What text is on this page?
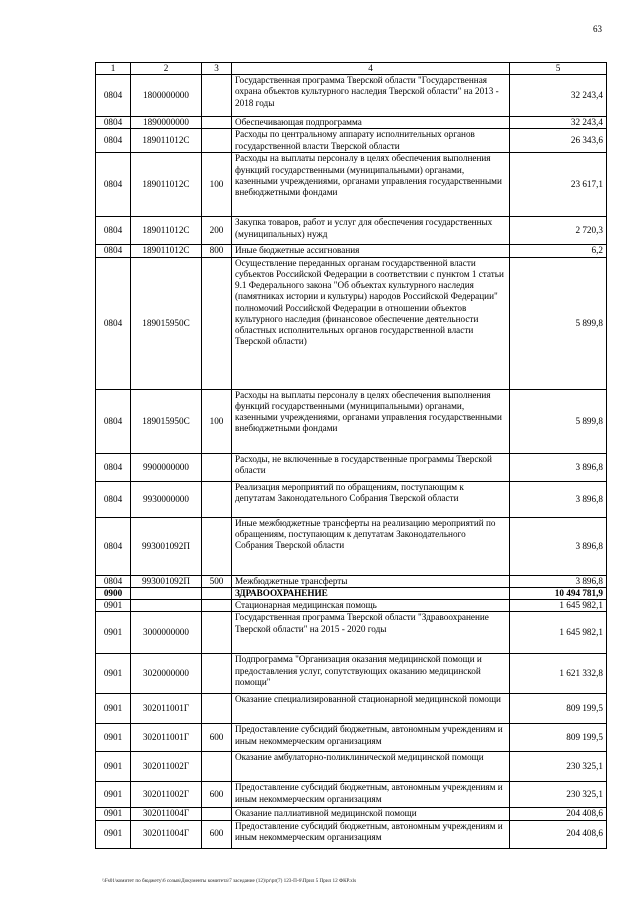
63
1	2	3	4	5
0804	1800000000		Государственная программа Тверской области "Государственная охрана объектов культурного наследия Тверской области" на 2013 - 2018 годы	32 243,4
0804	1890000000		Обеспечивающая подпрограмма	32 243,4
0804	189011012С		Расходы по центральному аппарату исполнительных органов государственной власти Тверской области	26 343,6
0804	189011012С	100	Расходы на выплаты персоналу в целях обеспечения выполнения функций государственными (муниципальными) органами, казенными учреждениями, органами управления государственными внебюджетными фондами	23 617,1
0804	189011012С	200	Закупка товаров, работ и услуг для обеспечения государственных (муниципальных) нужд	2 720,3
0804	189011012С	800	Иные бюджетные ассигнования	6,2
0804	189015950С		Осуществление переданных органам государственной власти субъектов Российской Федерации в соответствии с пунктом 1 статьи 9.1 Федерального закона "Об объектах культурного наследия (памятниках истории и культуры) народов Российской Федерации" полномочий Российской Федерации в отношении объектов культурного наследия (финансовое обеспечение деятельности областных исполнительных органов государственной власти Тверской области)	5 899,8
0804	189015950С	100	Расходы на выплаты персоналу в целях обеспечения выполнения функций государственными (муниципальными) органами, казенными учреждениями, органами управления государственными внебюджетными фондами	5 899,8
0804	9900000000		Расходы, не включенные в государственные программы Тверской области	3 896,8
0804	9930000000		Реализация мероприятий по обращениям, поступающим к депутатам Законодательного Собрания Тверской области	3 896,8
0804	993001092П		Иные межбюджетные трансферты на реализацию мероприятий по обращениям, поступающим к депутатам Законодательного Собрания Тверской области	3 896,8
0804	993001092П	500	Межбюджетные трансферты	3 896,8
0900			ЗДРАВООХРАНЕНИЕ	10 494 781,9
0901			Стационарная медицинская помощь	1 645 982,1
0901	3000000000		Государственная программа Тверской области "Здравоохранение Тверской области" на 2015 - 2020 годы	1 645 982,1
0901	3020000000		Подпрограмма "Организация оказания медицинской помощи и предоставления услуг, сопутствующих оказанию медицинской помощи"	1 621 332,8
0901	302011001Г		Оказание специализированной стационарной медицинской помощи	809 199,5
0901	302011001Г	600	Предоставление субсидий бюджетным, автономным учреждениям и иным некоммерческим организациям	809 199,5
0901	302011002Г		Оказание амбулаторно-поликлинической медицинской помощи	230 325,1
0901	302011002Г	600	Предоставление субсидий бюджетным, автономным учреждениям и иным некоммерческим организациям	230 325,1
0901	302011004Г		Оказание паллиативной медицинской помощи	204 408,6
0901	302011004Г	600	Предоставление субсидий бюджетным, автономным учреждениям и иным некоммерческим организациям	204 408,6
\\Fs01\комитет по бюджету\6 созыв\Документы комитета\7 заседание (12)\pr\pr(7) 123-П-6\Прил 5 Прил 12 ФКР.xls
